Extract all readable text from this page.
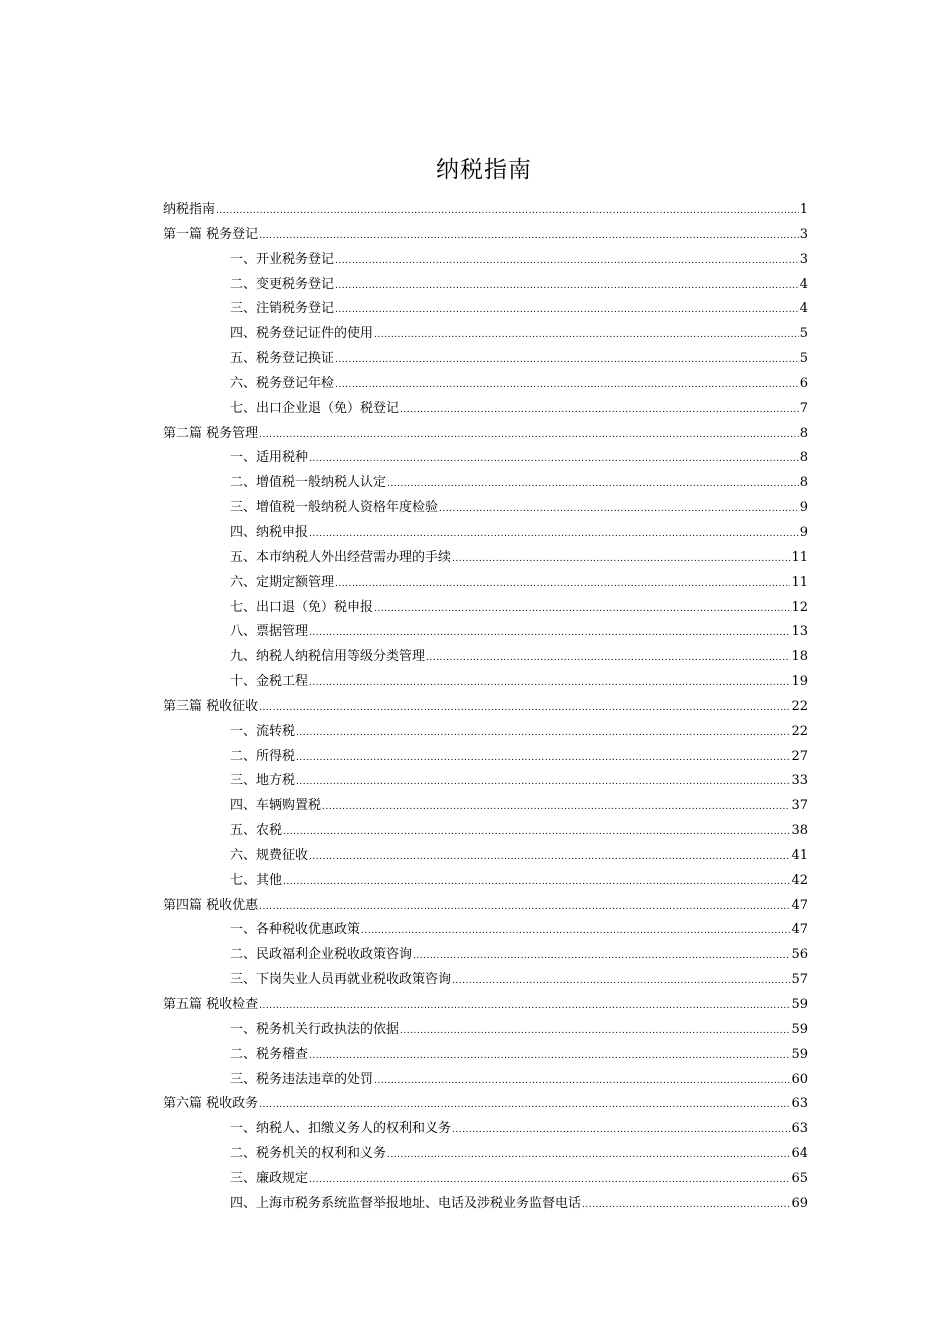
纳税指南
纳税指南 .....	1
第一篇 税务登记 .....	3
一、开业税务登记 .....	3
二、变更税务登记 .....	4
三、注销税务登记 .....	4
四、税务登记证件的使用 .....	5
五、税务登记换证 .....	5
六、税务登记年检 .....	6
七、出口企业退（免）税登记 .....	7
第二篇 税务管理 .....	8
一、适用税种 .....	8
二、增值税一般纳税人认定 .....	8
三、增值税一般纳税人资格年度检验 .....	9
四、纳税申报 .....	9
五、本市纳税人外出经营需办理的手续 .....	11
六、定期定额管理 .....	11
七、出口退（免）税申报 .....	12
八、票据管理 .....	13
九、纳税人纳税信用等级分类管理 .....	18
十、金税工程 .....	19
第三篇 税收征收 .....	22
一、流转税 .....	22
二、所得税 .....	27
三、地方税 .....	33
四、车辆购置税 .....	37
五、农税 .....	38
六、规费征收 .....	41
七、其他 .....	42
第四篇 税收优惠 .....	47
一、各种税收优惠政策 .....	47
二、民政福利企业税收政策咨询 .....	56
三、下岗失业人员再就业税收政策咨询 .....	57
第五篇 税收检查 .....	59
一、税务机关行政执法的依据 .....	59
二、税务稽查 .....	59
三、税务违法违章的处罚 .....	60
第六篇 税收政务 .....	63
一、纳税人、扣缴义务人的权利和义务 .....	63
二、税务机关的权利和义务 .....	64
三、廉政规定 .....	65
四、上海市税务系统监督举报地址、电话及涉税业务监督电话 .....	69
